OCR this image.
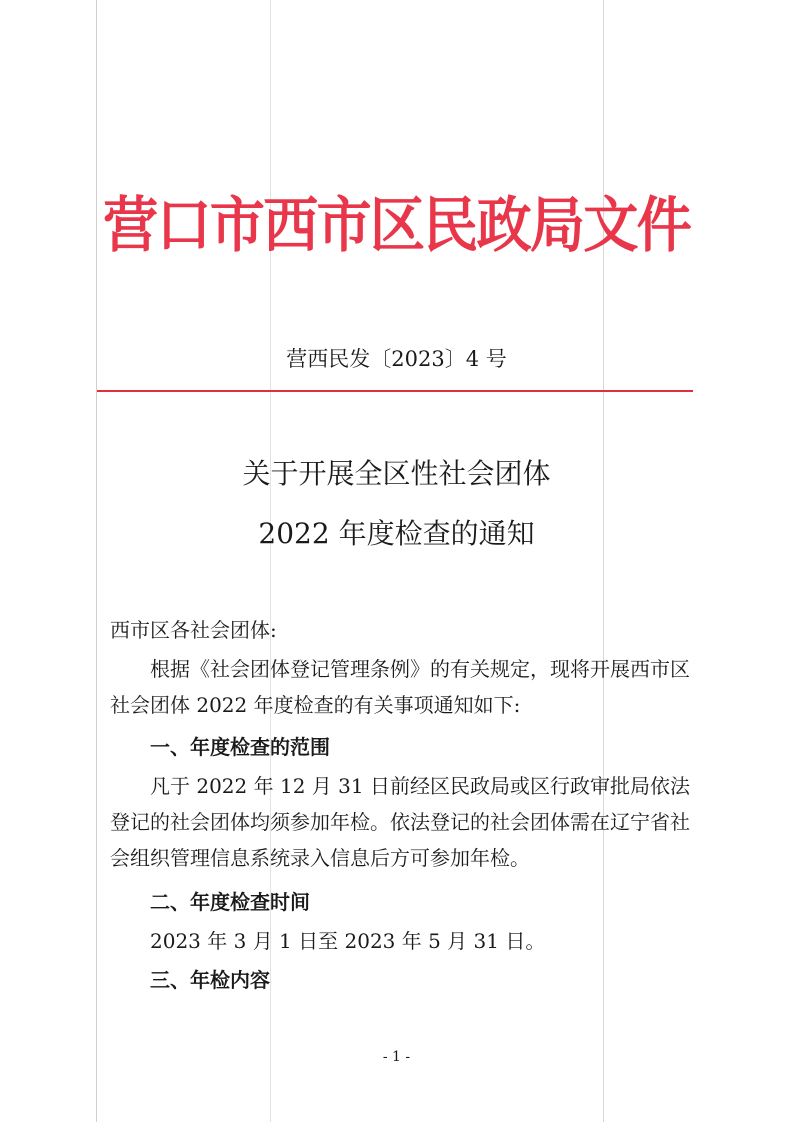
营口市西市区民政局文件
营西民发〔2023〕4 号
关于开展全区性社会团体
2022 年度检查的通知
西市区各社会团体:
根据《社会团体登记管理条例》的有关规定，现将开展西市区社会团体 2022 年度检查的有关事项通知如下:
一、年度检查的范围
凡于 2022 年 12 月 31 日前经区民政局或区行政审批局依法登记的社会团体均须参加年检。依法登记的社会团体需在辽宁省社会组织管理信息系统录入信息后方可参加年检。
二、年度检查时间
2023 年 3 月 1 日至 2023 年 5 月 31 日。
三、年检内容
- 1 -
